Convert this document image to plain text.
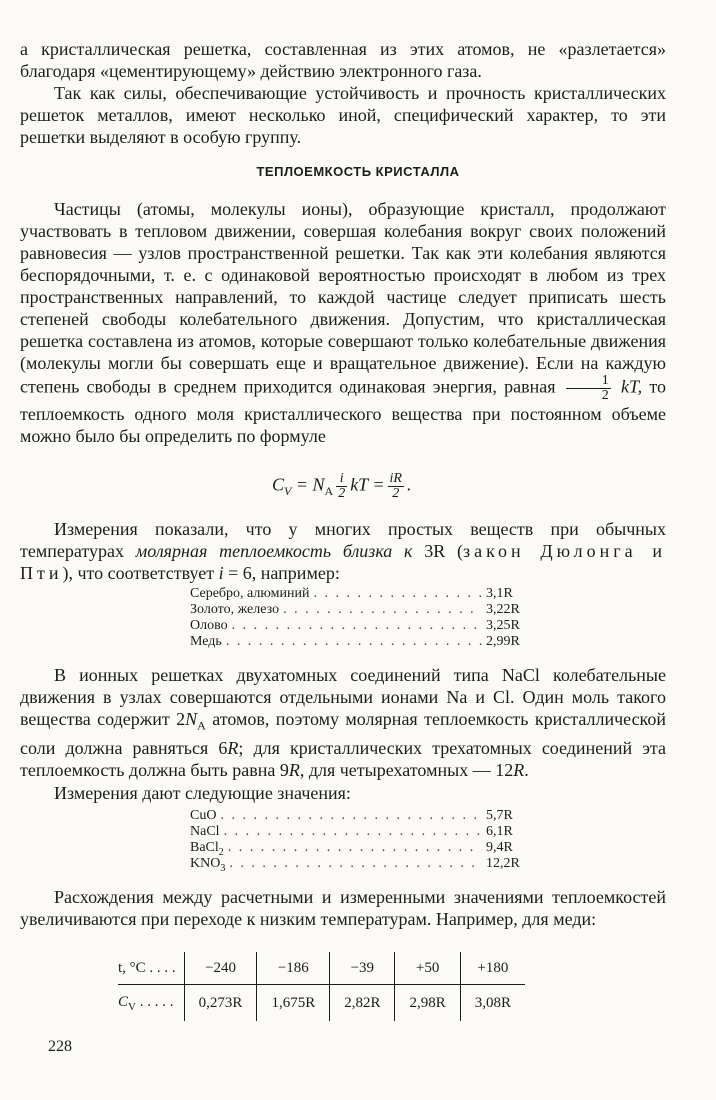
а кристаллическая решетка, составленная из этих атомов, не «разлетается» благодаря «цементирующему» действию электронного газа.

Так как силы, обеспечивающие устойчивость и прочность кристаллических решеток металлов, имеют несколько иной, специфический характер, то эти решетки выделяют в особую группу.

ТЕПЛОЕМКОСТЬ КРИСТАЛЛА

Частицы (атомы, молекулы ионы), образующие кристалл, продолжают участвовать в тепловом движении, совершая колебания вокруг своих положений равновесия — узлов пространственной решетки. Так как эти колебания являются беспорядочными, т. е. с одинаковой вероятностью происходят в любом из трех пространственных направлений, то каждой частице следует приписать шесть степеней свободы колебательного движения. Допустим, что кристаллическая решетка составлена из атомов, которые совершают только колебательные движения (молекулы могли бы совершать еще и вращательное движение). Если на каждую степень свободы в среднем приходится одинаковая энергия, равная $\frac{1}{2}$ kT, то теплоемкость одного моля кристаллического вещества при постоянном объеме можно было бы определить по формуле

$C_V = N_A \frac{i}{2}$ kT = $\frac{iR}{2}$ .

Измерения показали, что у многих простых веществ при обычных температурах молярная теплоемкость близка к 3R (закон Дюлонга и Пти), что соответствует i = 6, например:

Серебро, алюминий . . .	3,1R
Золото, железо . . .	3,22R
Олово . . .	3,25R
Медь . . .	2,99R

В ионных решетках двухатомных соединений типа NaCl колебательные движения в узлах совершаются отдельными ионами Na и Cl. Один моль такого вещества содержит $2N_A$ атомов, поэтому молярная теплоемкость кристаллической соли должна равняться 6R; для кристаллических трехатомных соединений эта теплоемкость должна быть равна 9R, для четырехатомных — 12R.

Измерения дают следующие значения:

CuO . . .	5,7R
NaCl . . .	6,1R
BaCl$_2$ . . .	9,4R
$KNO_3$ . . .	12,2R

Расхождения между расчетными и измеренными значениями теплоемкостей увеличиваются при переходе к низким температурам. Например, для меди:

t, °C . . . .	−240	−186	−39	+50	+180
$C_V$ . . . . .	0,273R	1,675R	2,82R	2,98R	3,08R
228
